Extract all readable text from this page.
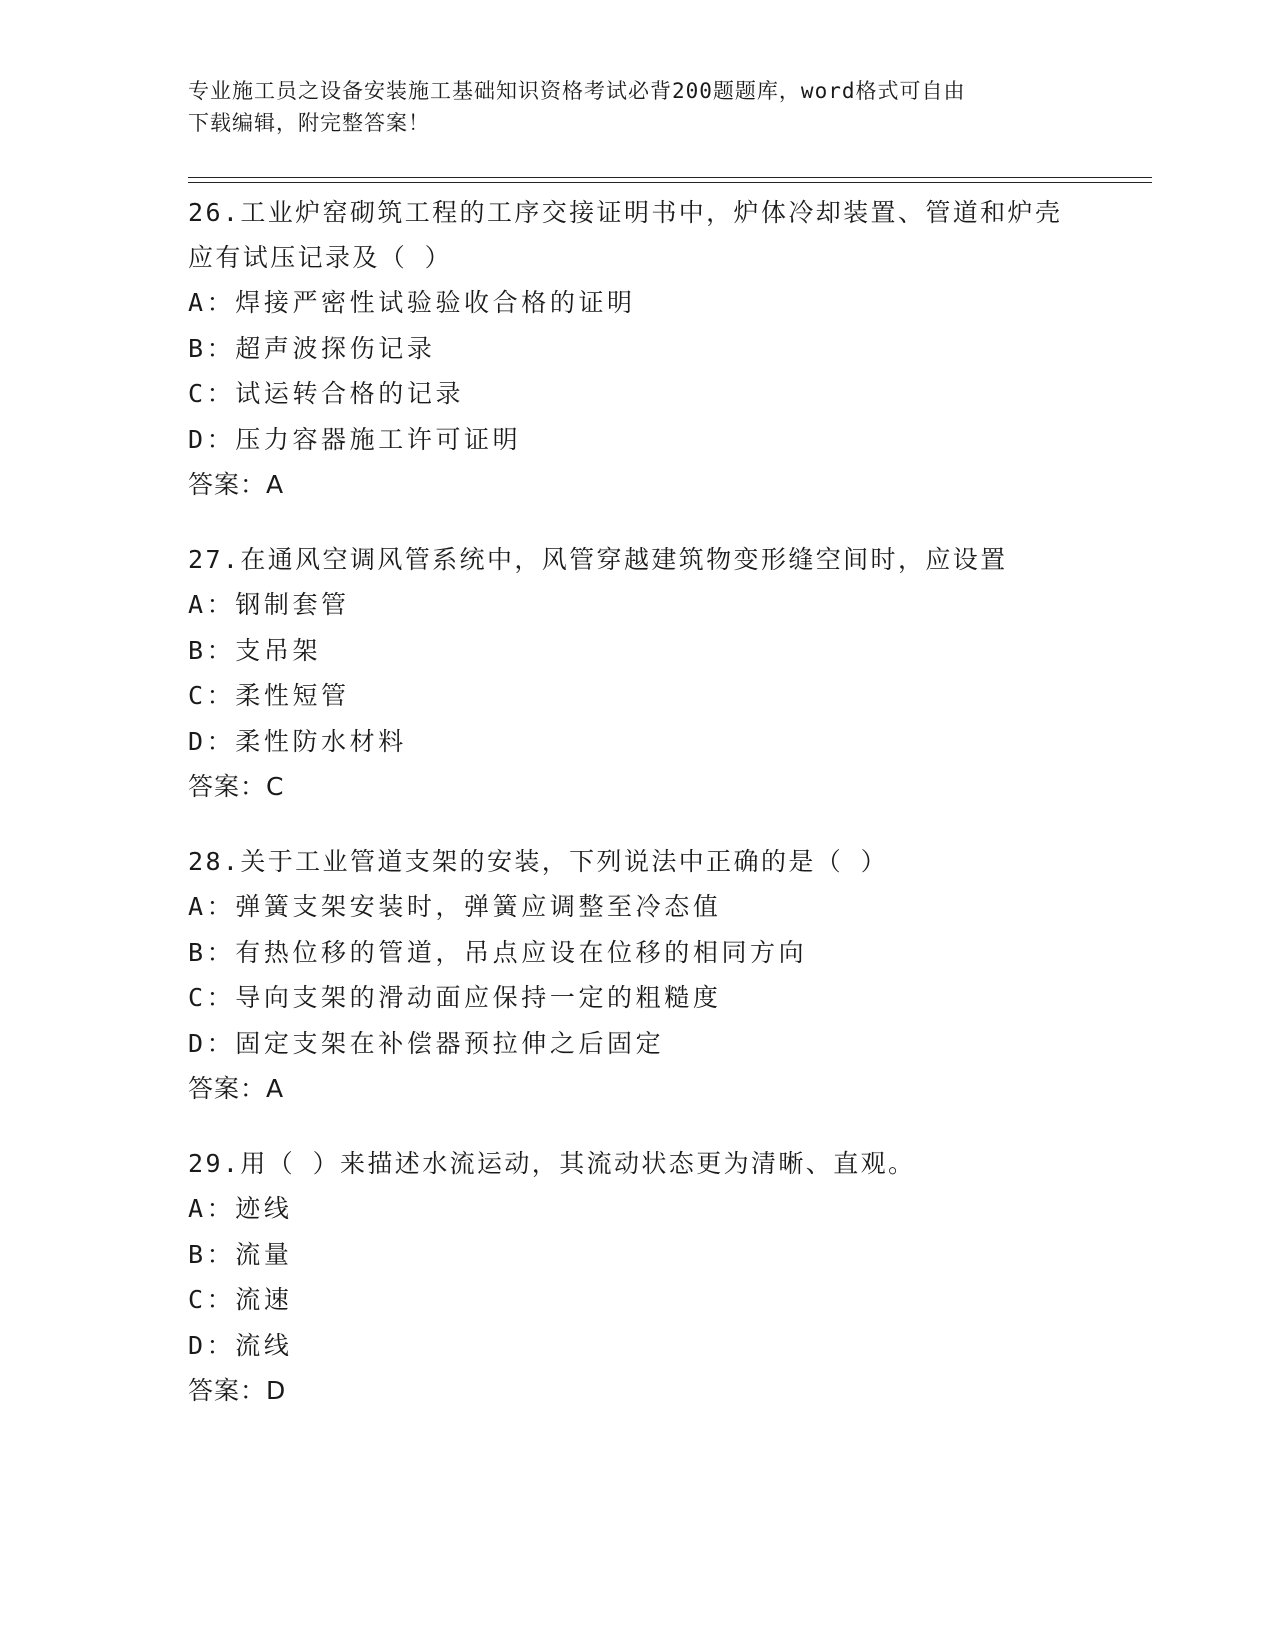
专业施工员之设备安装施工基础知识资格考试必背200题题库，word格式可自由
下载编辑，附完整答案！
26.工业炉窑砌筑工程的工序交接证明书中，炉体冷却装置、管道和炉壳应有试压记录及（ ）
A：焊接严密性试验验收合格的证明
B：超声波探伤记录
C：试运转合格的记录
D：压力容器施工许可证明
答案：A
27.在通风空调风管系统中，风管穿越建筑物变形缝空间时，应设置
A：钢制套管
B：支吊架
C：柔性短管
D：柔性防水材料
答案：C
28.关于工业管道支架的安装，下列说法中正确的是（ ）
A：弹簧支架安装时，弹簧应调整至冷态值
B：有热位移的管道，吊点应设在位移的相同方向
C：导向支架的滑动面应保持一定的粗糙度
D：固定支架在补偿器预拉伸之后固定
答案：A
29.用（ ）来描述水流运动，其流动状态更为清晰、直观。
A：迹线
B：流量
C：流速
D：流线
答案：D
